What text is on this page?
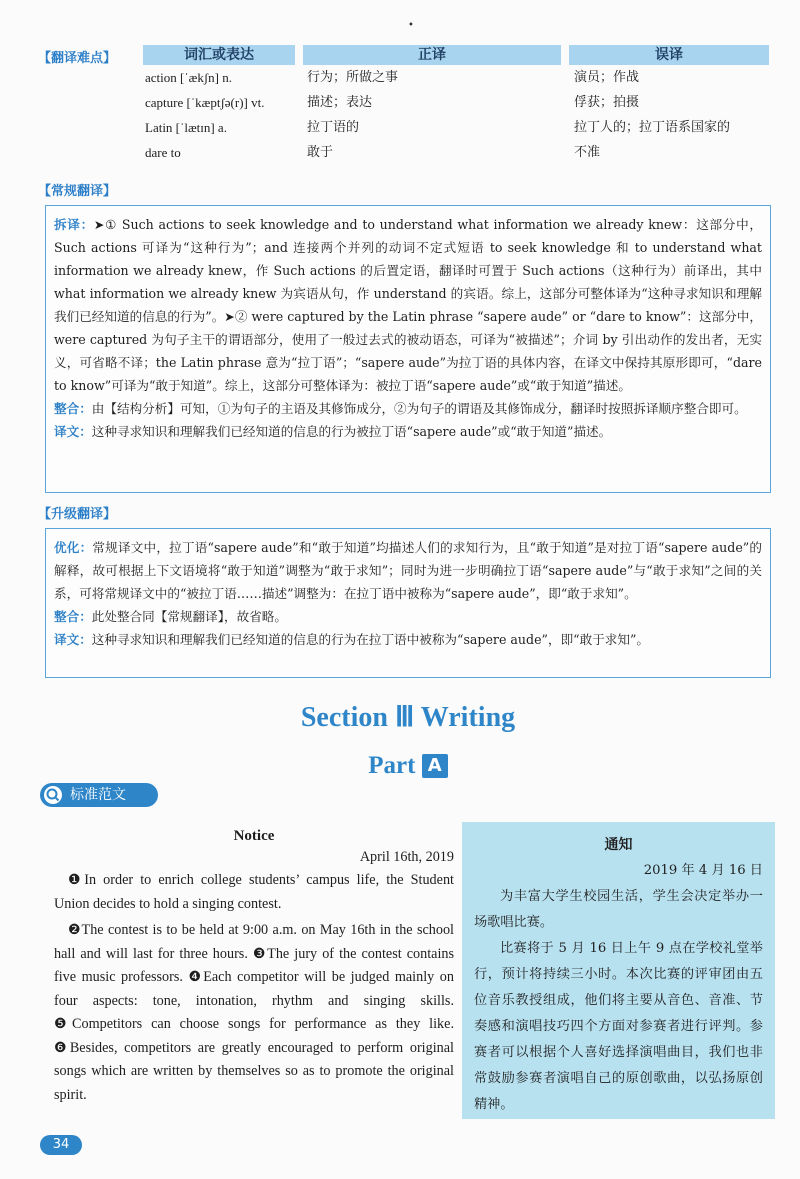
•
【翻译难点】	词汇或表达	正译	误译
action [ˈækʃn] n.	行为；所做之事	演员；作战
capture [ˈkæptʃə(r)] vt.	描述；表达	俘获；拍摄
Latin [ˈlætɪn] a.	拉丁语的	拉丁人的；拉丁语系国家的
dare to	敢于	不准
【常规翻译】

拆译：➤① Such actions to seek knowledge and to understand what information we already knew：这部分中，Such actions 可译为“这种行为”；and 连接两个并列的动词不定式短语 to seek knowledge 和 to understand what information we already knew，作 Such actions 的后置定语，翻译时可置于 Such actions（这种行为）前译出，其中 what information we already knew 为宾语从句，作 understand 的宾语。综上，这部分可整体译为“这种寻求知识和理解我们已经知道的信息的行为”。➤② were captured by the Latin phrase “sapere aude” or “dare to know”：这部分中，were captured 为句子主干的谓语部分，使用了一般过去式的被动语态，可译为“被描述”；介词 by 引出动作的发出者，无实义，可省略不译；the Latin phrase 意为“拉丁语”；“sapere aude”为拉丁语的具体内容，在译文中保持其原形即可，“dare to know”可译为“敢于知道”。综上，这部分可整体译为：被拉丁语“sapere aude”或“敢于知道”描述。

整合：由【结构分析】可知，①为句子的主语及其修饰成分，②为句子的谓语及其修饰成分，翻译时按照拆译顺序整合即可。

译文：这种寻求知识和理解我们已经知道的信息的行为被拉丁语“sapere aude”或“敢于知道”描述。

【升级翻译】

优化：常规译文中，拉丁语“sapere aude”和“敢于知道”均描述人们的求知行为，且“敢于知道”是对拉丁语“sapere aude”的解释，故可根据上下文语境将“敢于知道”调整为“敢于求知”；同时为进一步明确拉丁语“sapere aude”与“敢于求知”之间的关系，可将常规译文中的“被拉丁语……描述”调整为：在拉丁语中被称为“sapere aude”，即“敢于求知”。

整合：此处整合同【常规翻译】，故省略。

译文：这种寻求知识和理解我们已经知道的信息的行为在拉丁语中被称为“sapere aude”，即“敢于求知”。

Section Ⅲ Writing
Part A
标准范文
Notice
April 16th, 2019

❶In order to enrich college students’ campus life, the Student Union decides to hold a singing contest.

❷The contest is to be held at 9:00 a.m. on May 16th in the school hall and will last for three hours. ❸The jury of the contest contains five music professors. ❹Each competitor will be judged mainly on four aspects: tone, intonation, rhythm and singing skills. ❺Competitors can choose songs for performance as they like. ❻Besides, competitors are greatly encouraged to perform original songs which are written by themselves so as to promote the original spirit.

通知
2019 年 4 月 16 日

为丰富大学生校园生活，学生会决定举办一场歌唱比赛。

比赛将于 5 月 16 日上午 9 点在学校礼堂举行，预计将持续三小时。本次比赛的评审团由五位音乐教授组成，他们将主要从音色、音准、节奏感和演唱技巧四个方面对参赛者进行评判。参赛者可以根据个人喜好选择演唱曲目，我们也非常鼓励参赛者演唱自己的原创歌曲，以弘扬原创精神。

34
